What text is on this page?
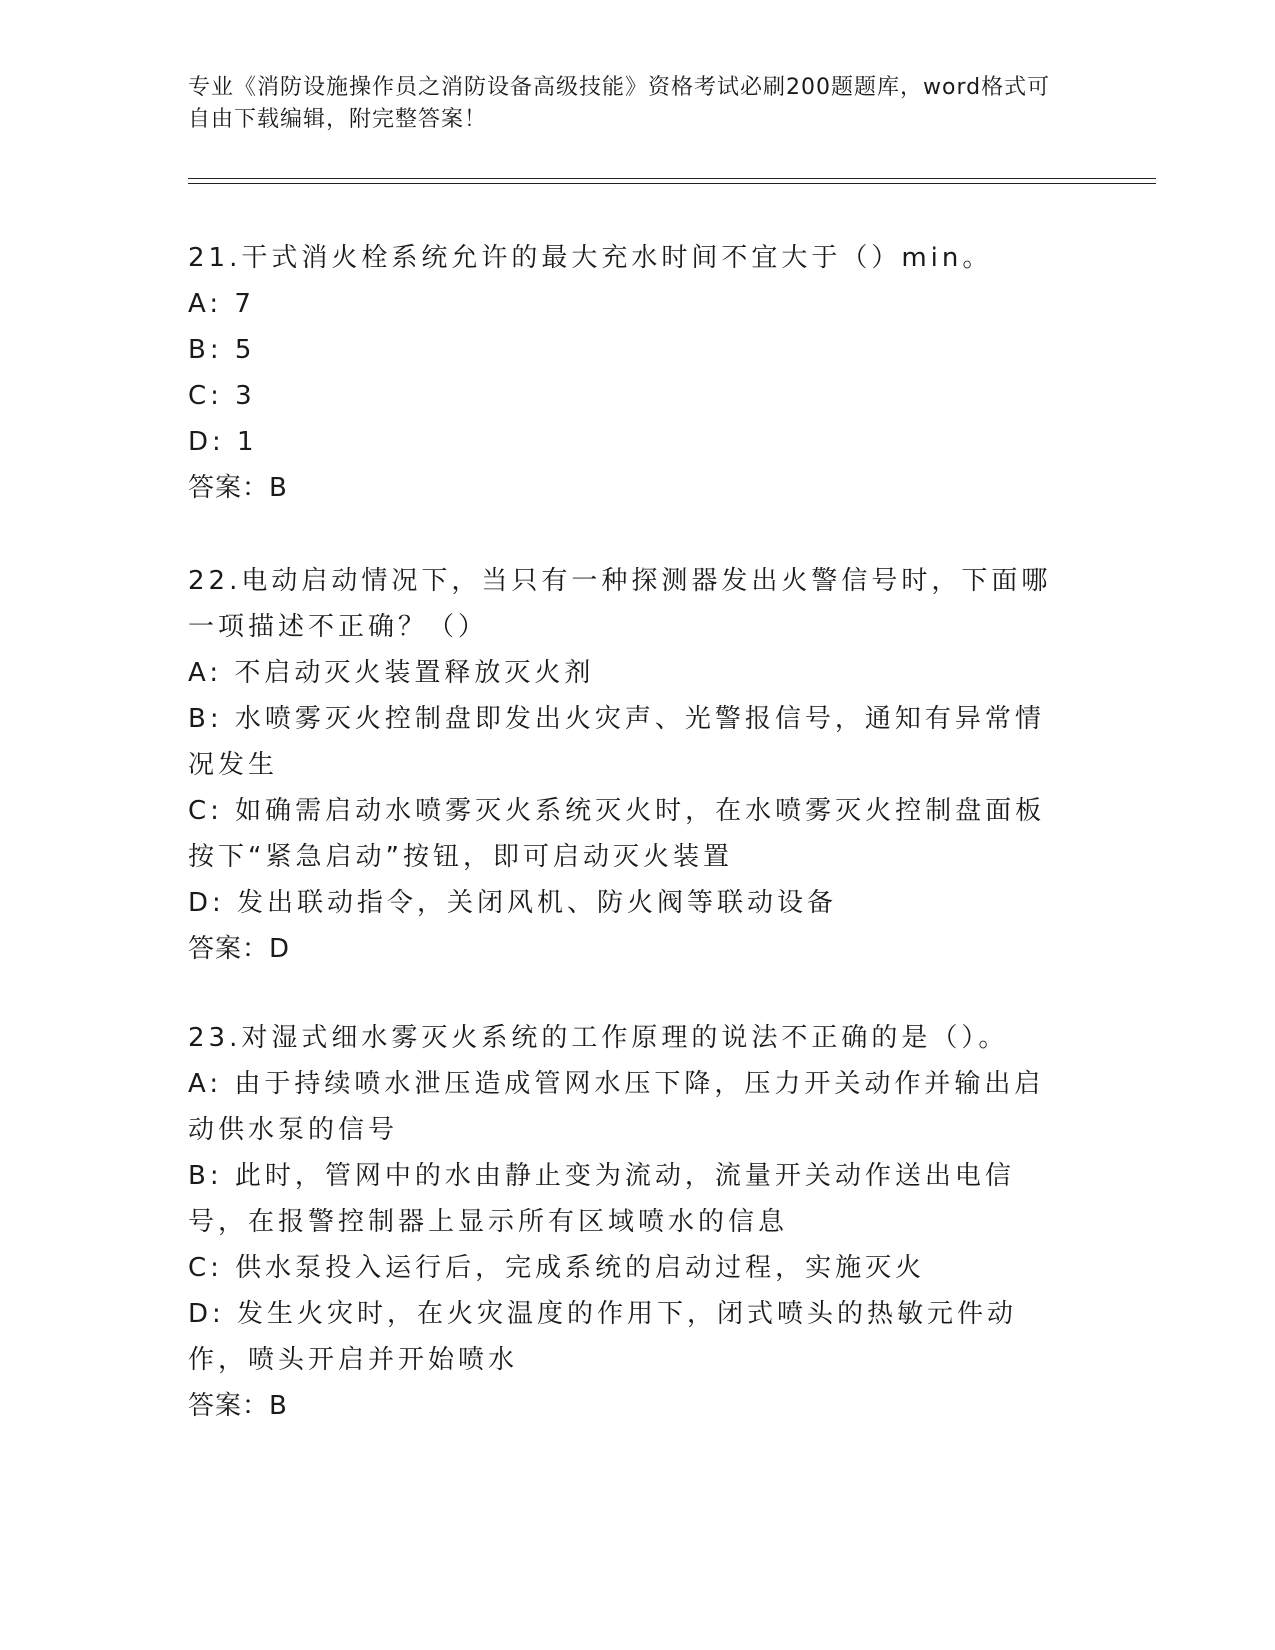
专业《消防设施操作员之消防设备高级技能》资格考试必刷200题题库，word格式可自由下载编辑，附完整答案！
21.干式消火栓系统允许的最大充水时间不宜大于（）min。
A: 7
B: 5
C: 3
D: 1
答案：B
22.电动启动情况下，当只有一种探测器发出火警信号时，下面哪一项描述不正确？（）
A: 不启动灭火装置释放灭火剂
B: 水喷雾灭火控制盘即发出火灾声、光警报信号，通知有异常情况发生
C: 如确需启动水喷雾灭火系统灭火时，在水喷雾灭火控制盘面板按下“紧急启动”按钮，即可启动灭火装置
D: 发出联动指令，关闭风机、防火阀等联动设备
答案：D
23.对湿式细水雾灭火系统的工作原理的说法不正确的是（）。
A: 由于持续喷水泄压造成管网水压下降，压力开关动作并输出启动供水泵的信号
B: 此时，管网中的水由静止变为流动，流量开关动作送出电信号，在报警控制器上显示所有区域喷水的信息
C: 供水泵投入运行后，完成系统的启动过程，实施灭火
D: 发生火灾时，在火灾温度的作用下，闭式喷头的热敏元件动作，喷头开启并开始喷水
答案：B
